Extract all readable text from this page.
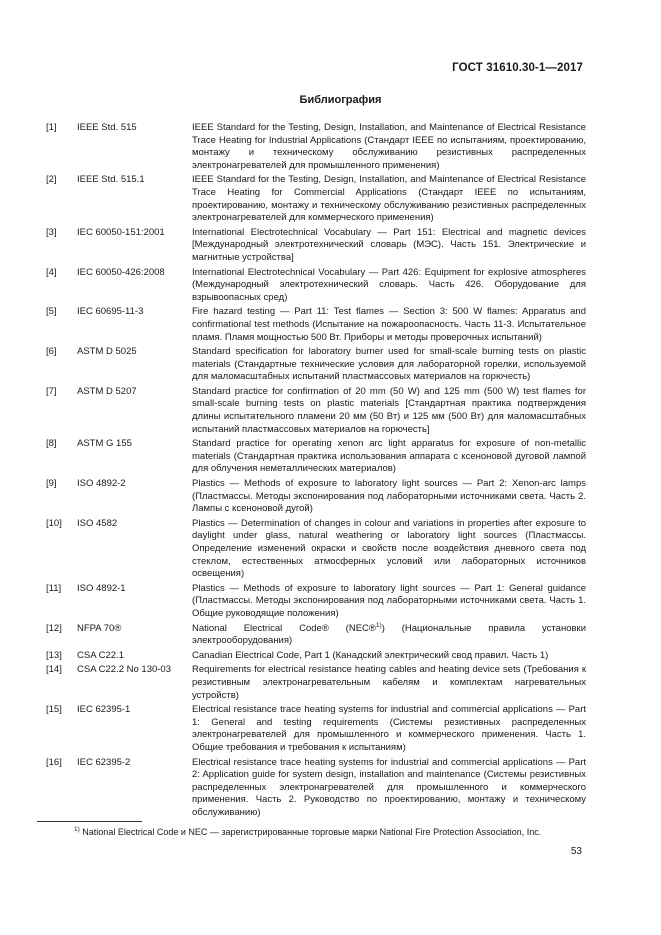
ГОСТ 31610.30-1—2017
Библиография
[1]	IEEE Std. 515	IEEE Standard for the Testing, Design, Installation, and Maintenance of Electrical Resistance Trace Heating for Industrial Applications (Стандарт IEEE по испытаниям, проектированию, монтажу и техническому обслуживанию резистивных распределенных электронагревателей для промышленного применения)
[2]	IEEE Std. 515.1	IEEE Standard for the Testing, Design, Installation, and Maintenance of Electrical Resistance Trace Heating for Commercial Applications (Стандарт IEEE по испытаниям, проектированию, монтажу и техническому обслуживанию резистивных распределенных электронагревателей для коммерческого применения)
[3]	IEC 60050-151:2001	International Electrotechnical Vocabulary — Part 151: Electrical and magnetic devices [Международный электротехнический словарь (МЭС). Часть 151. Электрические и магнитные устройства]
[4]	IEC 60050-426:2008	International Electrotechnical Vocabulary — Part 426: Equipment for explosive atmospheres (Международный электротехнический словарь. Часть 426. Оборудование для взрывоопасных сред)
[5]	IEC 60695-11-3	Fire hazard testing — Part 11: Test flames — Section 3: 500 W flames: Apparatus and confirmational test methods (Испытание на пожароопасность. Часть 11-3. Испытательное пламя. Пламя мощностью 500 Вт. Приборы и методы проверочных испытаний)
[6]	ASTM D 5025	Standard specification for laboratory burner used for small-scale burning tests on plastic materials (Стандартные технические условия для лабораторной горелки, используемой для маломасштабных испытаний пластмассовых материалов на горючесть)
[7]	ASTM D 5207	Standard practice for confirmation of 20 mm (50 W) and 125 mm (500 W) test flames for small-scale burning tests on plastic materials [Стандартная практика подтверждения длины испытательного пламени 20 мм (50 Вт) и 125 мм (500 Вт) для маломасштабных испытаний пластмассовых материалов на горючесть]
[8]	ASTM G 155	Standard practice for operating xenon arc light apparatus for exposure of non-metallic materials (Стандартная практика использования аппарата с ксеноновой дуговой лампой для облучения неметаллических материалов)
[9]	ISO 4892-2	Plastics — Methods of exposure to laboratory light sources — Part 2: Xenon-arc lamps (Пластмассы. Методы экспонирования под лабораторными источниками света. Часть 2. Лампы с ксеноновой дугой)
[10]	ISO 4582	Plastics — Determination of changes in colour and variations in properties after exposure to daylight under glass, natural weathering or laboratory light sources (Пластмассы. Определение изменений окраски и свойств после воздействия дневного света под стеклом, естественных атмосферных условий или лабораторных источников освещения)
[11]	ISO 4892-1	Plastics — Methods of exposure to laboratory light sources — Part 1: General guidance (Пластмассы. Методы экспонирования под лабораторными источниками света. Часть 1. Общие руководящие положения)
[12]	NFPA 70®	National Electrical Code® (NEC®$^{1)}$) (Национальные правила установки электрооборудования)
[13]	CSA C22.1	Canadian Electrical Code, Part 1 (Канадский электрический свод правил. Часть 1)
[14]	CSA C22.2 No 130-03	Requirements for electrical resistance heating cables and heating device sets (Требования к резистивным электронагревательным кабелям и комплектам нагревательных устройств)
[15]	IEC 62395-1	Electrical resistance trace heating systems for industrial and commercial applications — Part 1: General and testing requirements (Системы резистивных распределенных электронагревателей для промышленного и коммерческого применения. Часть 1. Общие требования и требования к испытаниям)
[16]	IEC 62395-2	Electrical resistance trace heating systems for industrial and commercial applications — Part 2: Application guide for system design, installation and maintenance (Системы резистивных распределенных электронагревателей для промышленного и коммерческого применения. Часть 2. Руководство по проектированию, монтажу и техническому обслуживанию)
$^{1)}$ National Electrical Code и NEC — зарегистрированные торговые марки National Fire Protection Association, Inc.
53
